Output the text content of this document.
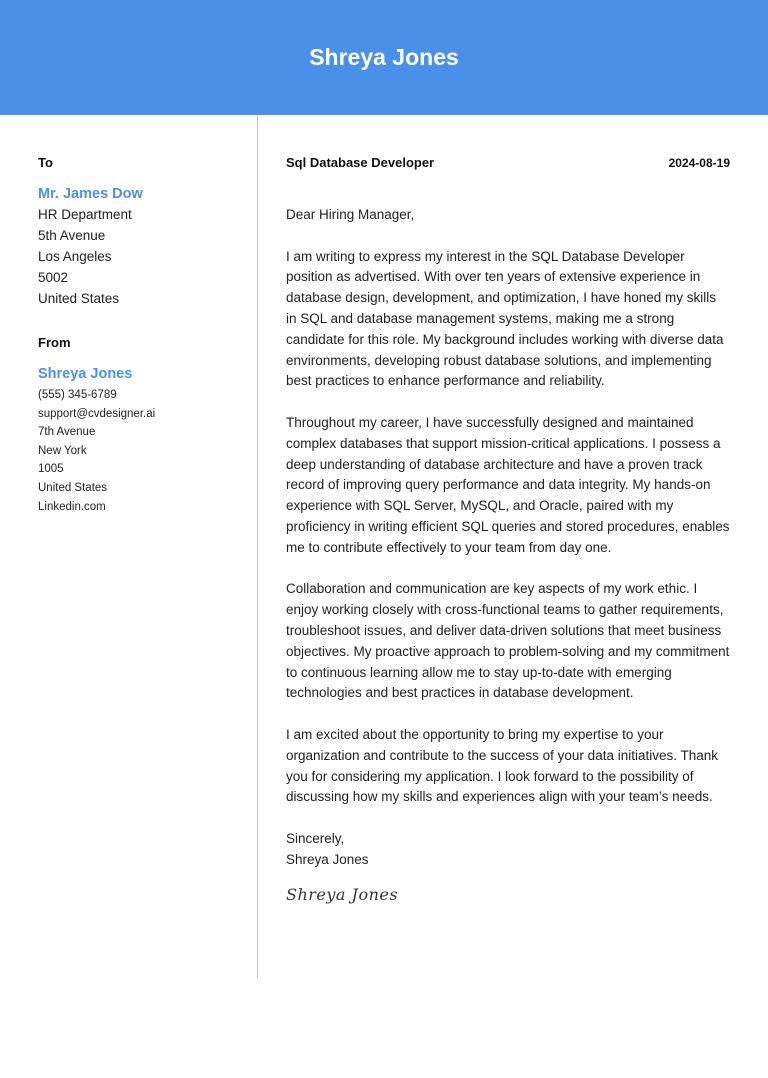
Shreya Jones
To
Mr. James Dow
HR Department
5th Avenue
Los Angeles
5002
United States
From
Shreya Jones
(555) 345-6789
support@cvdesigner.ai
7th Avenue
New York
1005
United States
Linkedin.com
Sql Database Developer	2024-08-19
Dear Hiring Manager,
I am writing to express my interest in the SQL Database Developer position as advertised. With over ten years of extensive experience in database design, development, and optimization, I have honed my skills in SQL and database management systems, making me a strong candidate for this role. My background includes working with diverse data environments, developing robust database solutions, and implementing best practices to enhance performance and reliability.
Throughout my career, I have successfully designed and maintained complex databases that support mission-critical applications. I possess a deep understanding of database architecture and have a proven track record of improving query performance and data integrity. My hands-on experience with SQL Server, MySQL, and Oracle, paired with my proficiency in writing efficient SQL queries and stored procedures, enables me to contribute effectively to your team from day one.
Collaboration and communication are key aspects of my work ethic. I enjoy working closely with cross-functional teams to gather requirements, troubleshoot issues, and deliver data-driven solutions that meet business objectives. My proactive approach to problem-solving and my commitment to continuous learning allow me to stay up-to-date with emerging technologies and best practices in database development.
I am excited about the opportunity to bring my expertise to your organization and contribute to the success of your data initiatives. Thank you for considering my application. I look forward to the possibility of discussing how my skills and experiences align with your team’s needs.
Sincerely,
Shreya Jones
Shreya Jones
